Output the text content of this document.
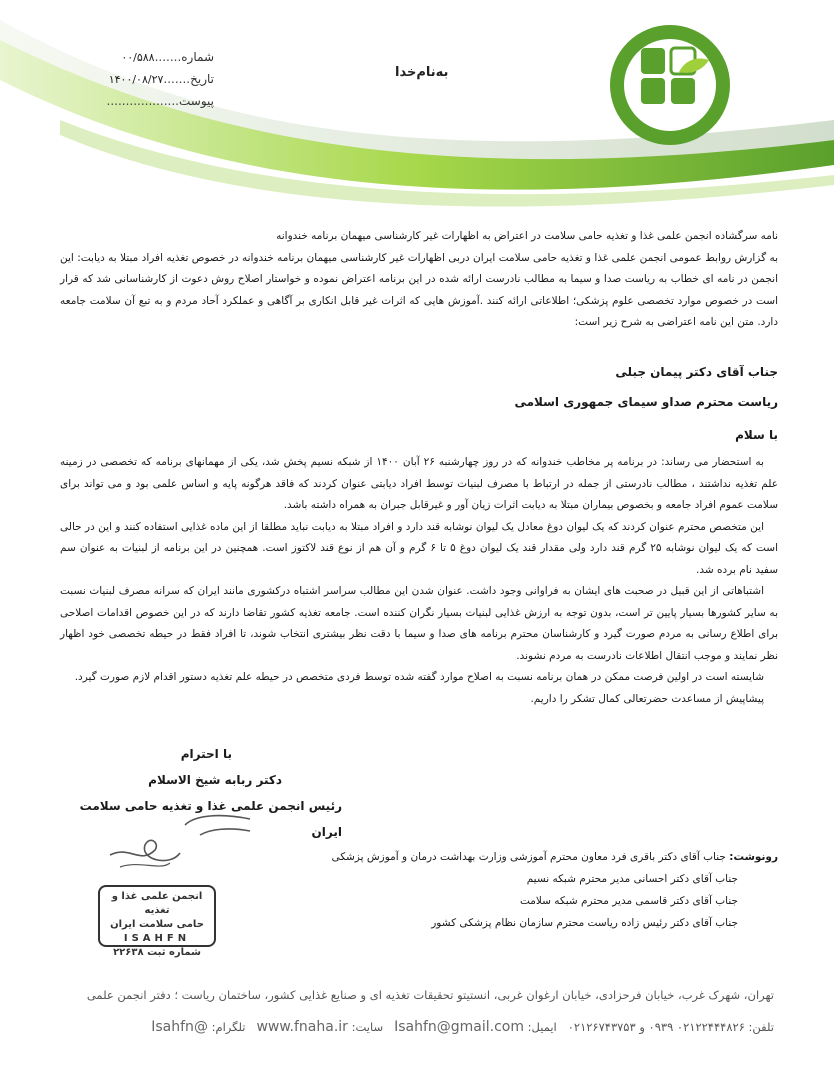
به‌نام‌خدا
شماره.......۰۰/۵۸۸
تاریخ.......۱۴۰۰/۰۸/۲۷
پیوست...................
نامه سرگشاده انجمن علمی غذا و تغذیه حامی سلامت در اعتراض به اظهارات غیر کارشناسی میهمان برنامه خندوانه
به گزارش روابط عمومی انجمن علمی غذا و تغذیه حامی سلامت ایران دربی اظهارات غیر کارشناسی میهمان برنامه خندوانه در خصوص تغذیه افراد مبتلا به دیابت: این انجمن در نامه ای خطاب به ریاست صدا و سیما به مطالب نادرست ارائه شده در این برنامه اعتراض نموده و خواستار اصلاح روش دعوت از کارشناسانی شد که قرار است در خصوص موارد تخصصی علوم پزشکی؛ اطلاعاتی ارائه کنند .آموزش هایی که اثرات غیر قابل انکاری بر آگاهی و عملکرد آحاد مردم و به تبع آن سلامت جامعه دارد. متن این نامه اعتراضی به شرح زیر است:
جناب آقای دکتر پیمان جبلی
ریاست محترم صداو سیمای جمهوری اسلامی
با سلام

به استحضار می رساند: در برنامه پر مخاطب خندوانه که در روز چهارشنبه ۲۶ آبان ۱۴۰۰ از شبکه نسیم پخش شد، یکی از مهمانهای برنامه که تخصصی در زمینه علم تغذیه نداشتند ، مطالب نادرستی از جمله در ارتباط با مصرف لبنیات توسط افراد دیابتی عنوان کردند که فاقد هرگونه پایه و اساس علمی بود و می تواند برای سلامت عموم افراد جامعه و بخصوص بیماران مبتلا به دیابت اثرات زیان آور و غیرقابل جبران به همراه داشته باشد.

این متخصص محترم عنوان کردند که یک لیوان دوغ معادل یک لیوان نوشابه قند دارد و افراد مبتلا به دیابت نباید مطلقا از این ماده غذایی استفاده کنند و این در حالی است که یک لیوان نوشابه ۲۵ گرم قند دارد ولی مقدار قند یک لیوان دوغ ۵ تا ۶ گرم و آن هم از نوع قند لاکتوز است. همچنین در این برنامه از لبنیات به عنوان سم سفید نام برده شد.

اشتباهاتی از این قبیل در صحبت های ایشان به فراوانی وجود داشت. عنوان شدن این مطالب سراسر اشتباه درکشوری مانند ایران که سرانه مصرف لبنیات نسبت به سایر کشورها بسیار پایین تر است، بدون توجه به ارزش غذایی لبنیات بسیار نگران کننده است. جامعه تغذیه کشور تقاضا دارند که در این خصوص اقدامات اصلاحی برای اطلاع رسانی به مردم صورت گیرد و کارشناسان محترم برنامه های صدا و سیما با دقت نظر بیشتری انتخاب شوند، تا افراد فقط در حیطه تخصصی خود اظهار نظر نمایند و موجب انتقال اطلاعات نادرست به مردم نشوند.

شایسته است در اولین فرصت ممکن در همان برنامه نسبت به اصلاح موارد گفته شده توسط فردی متخصص در حیطه علم تغذیه دستور اقدام لازم صورت گیرد.

پیشاپیش از مساعدت حضرتعالی کمال تشکر را داریم.

با احترام
دکتر ربابه شیخ الاسلام
رئیس انجمن علمی غذا و تغذیه حامی سلامت ایران
انجمن علمی غذا و تغذیه
حامی سلامت ایران
ISAHFN
۲۲۶۳۸ شماره ثبت
رونوشت: جناب آقای دکتر باقری فرد معاون محترم آموزشی وزارت بهداشت درمان و آموزش پزشکی
جناب آقای دکتر احسانی مدیر محترم شبکه نسیم
جناب آقای دکتر قاسمی مدیر محترم شبکه سلامت
جناب آقای دکتر رئیس زاده ریاست محترم سازمان نظام پزشکی کشور
تهران، شهرک غرب، خیابان فرحزادی، خیابان ارغوان غربی، انستیتو تحقیقات تغذیه ای و صنایع غذایی کشور، ساختمان ریاست ؛ دفتر انجمن علمی
تلفن: ۰۲۱۲۲۴۴۴۸۲۶ ۰۹۳۹ و ۰۲۱۲۶۷۴۳۷۵۳   ایمیل: Isahfn@gmail.com   سایت: www.fnaha.ir   تلگرام: @Isahfn
